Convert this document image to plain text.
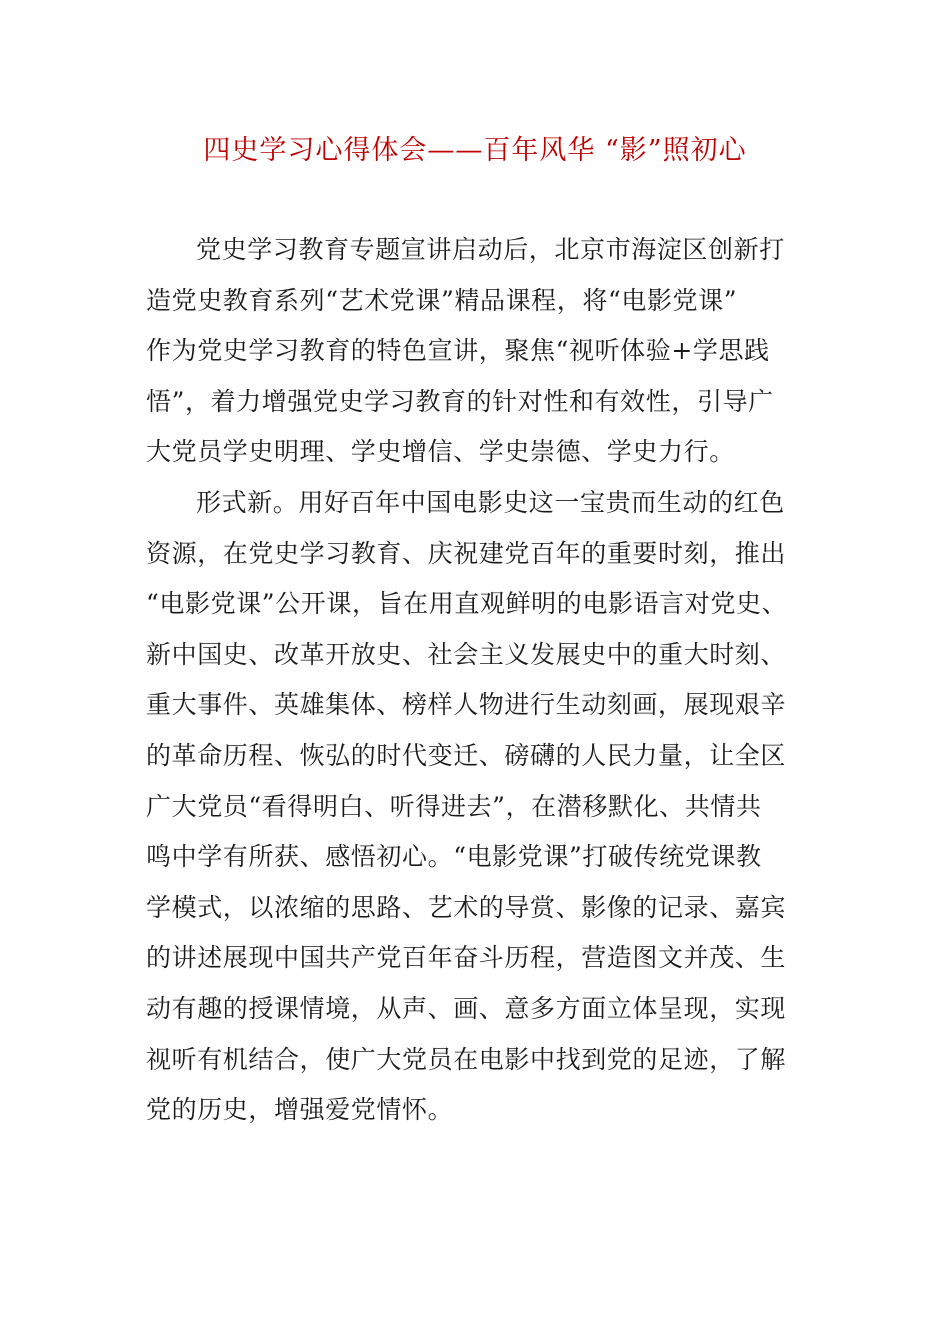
四史学习心得体会——百年风华 “影”照初心

党史学习教育专题宣讲启动后，北京市海淀区创新打
造党史教育系列“艺术党课”精品课程，将“电影党课”
作为党史学习教育的特色宣讲，聚焦“视听体验+学思践
悟”，着力增强党史学习教育的针对性和有效性，引导广
大党员学史明理、学史增信、学史崇德、学史力行。

形式新。用好百年中国电影史这一宝贵而生动的红色
资源，在党史学习教育、庆祝建党百年的重要时刻，推出
“电影党课”公开课，旨在用直观鲜明的电影语言对党史、
新中国史、改革开放史、社会主义发展史中的重大时刻、
重大事件、英雄集体、榜样人物进行生动刻画，展现艰辛
的革命历程、恢弘的时代变迁、磅礴的人民力量，让全区
广大党员“看得明白、听得进去”，在潜移默化、共情共
鸣中学有所获、感悟初心。“电影党课”打破传统党课教
学模式，以浓缩的思路、艺术的导赏、影像的记录、嘉宾
的讲述展现中国共产党百年奋斗历程，营造图文并茂、生
动有趣的授课情境，从声、画、意多方面立体呈现，实现
视听有机结合，使广大党员在电影中找到党的足迹，了解
党的历史，增强爱党情怀。
